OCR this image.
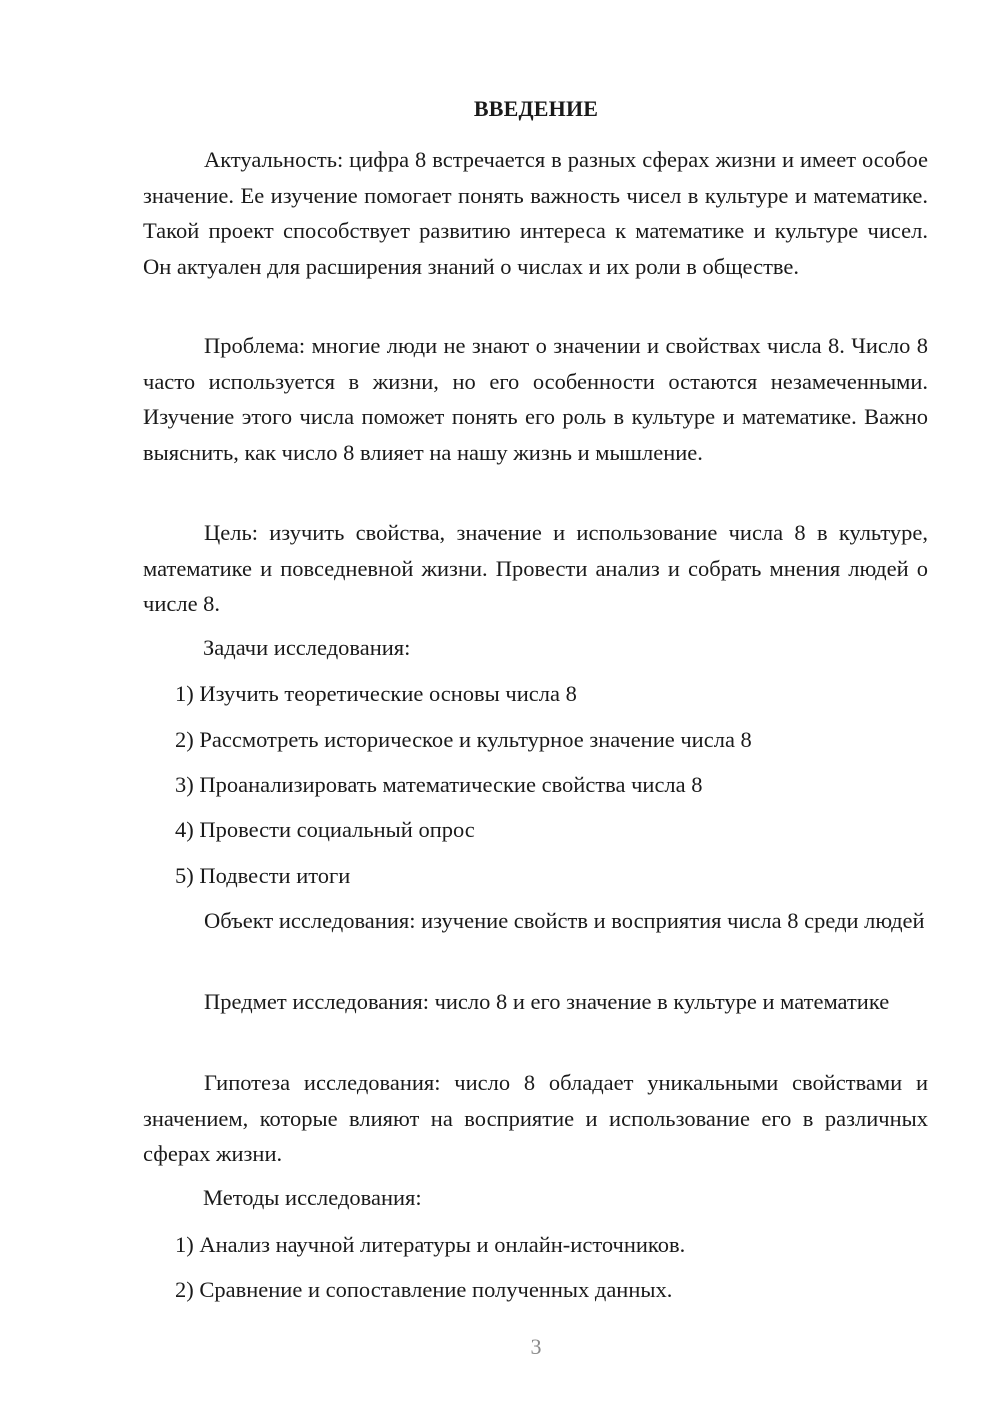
ВВЕДЕНИЕ

Актуальность: цифра 8 встречается в разных сферах жизни и имеет особое значение. Ее изучение помогает понять важность чисел в культуре и математике. Такой проект способствует развитию интереса к математике и культуре чисел. Он актуален для расширения знаний о числах и их роли в обществе.

Проблема: многие люди не знают о значении и свойствах числа 8. Число 8 часто используется в жизни, но его особенности остаются незамеченными. Изучение этого числа поможет понять его роль в культуре и математике. Важно выяснить, как число 8 влияет на нашу жизнь и мышление.

Цель: изучить свойства, значение и использование числа 8 в культуре, математике и повседневной жизни. Провести анализ и собрать мнения людей о числе 8.

Задачи исследования:

1) Изучить теоретические основы числа 8

2) Рассмотреть историческое и культурное значение числа 8

3) Проанализировать математические свойства числа 8

4) Провести социальный опрос

5) Подвести итоги

Объект исследования: изучение свойств и восприятия числа 8 среди людей

Предмет исследования: число 8 и его значение в культуре и математике

Гипотеза исследования: число 8 обладает уникальными свойствами и значением, которые влияют на восприятие и использование его в различных сферах жизни.

Методы исследования:

1) Анализ научной литературы и онлайн-источников.

2) Сравнение и сопоставление полученных данных.

3
